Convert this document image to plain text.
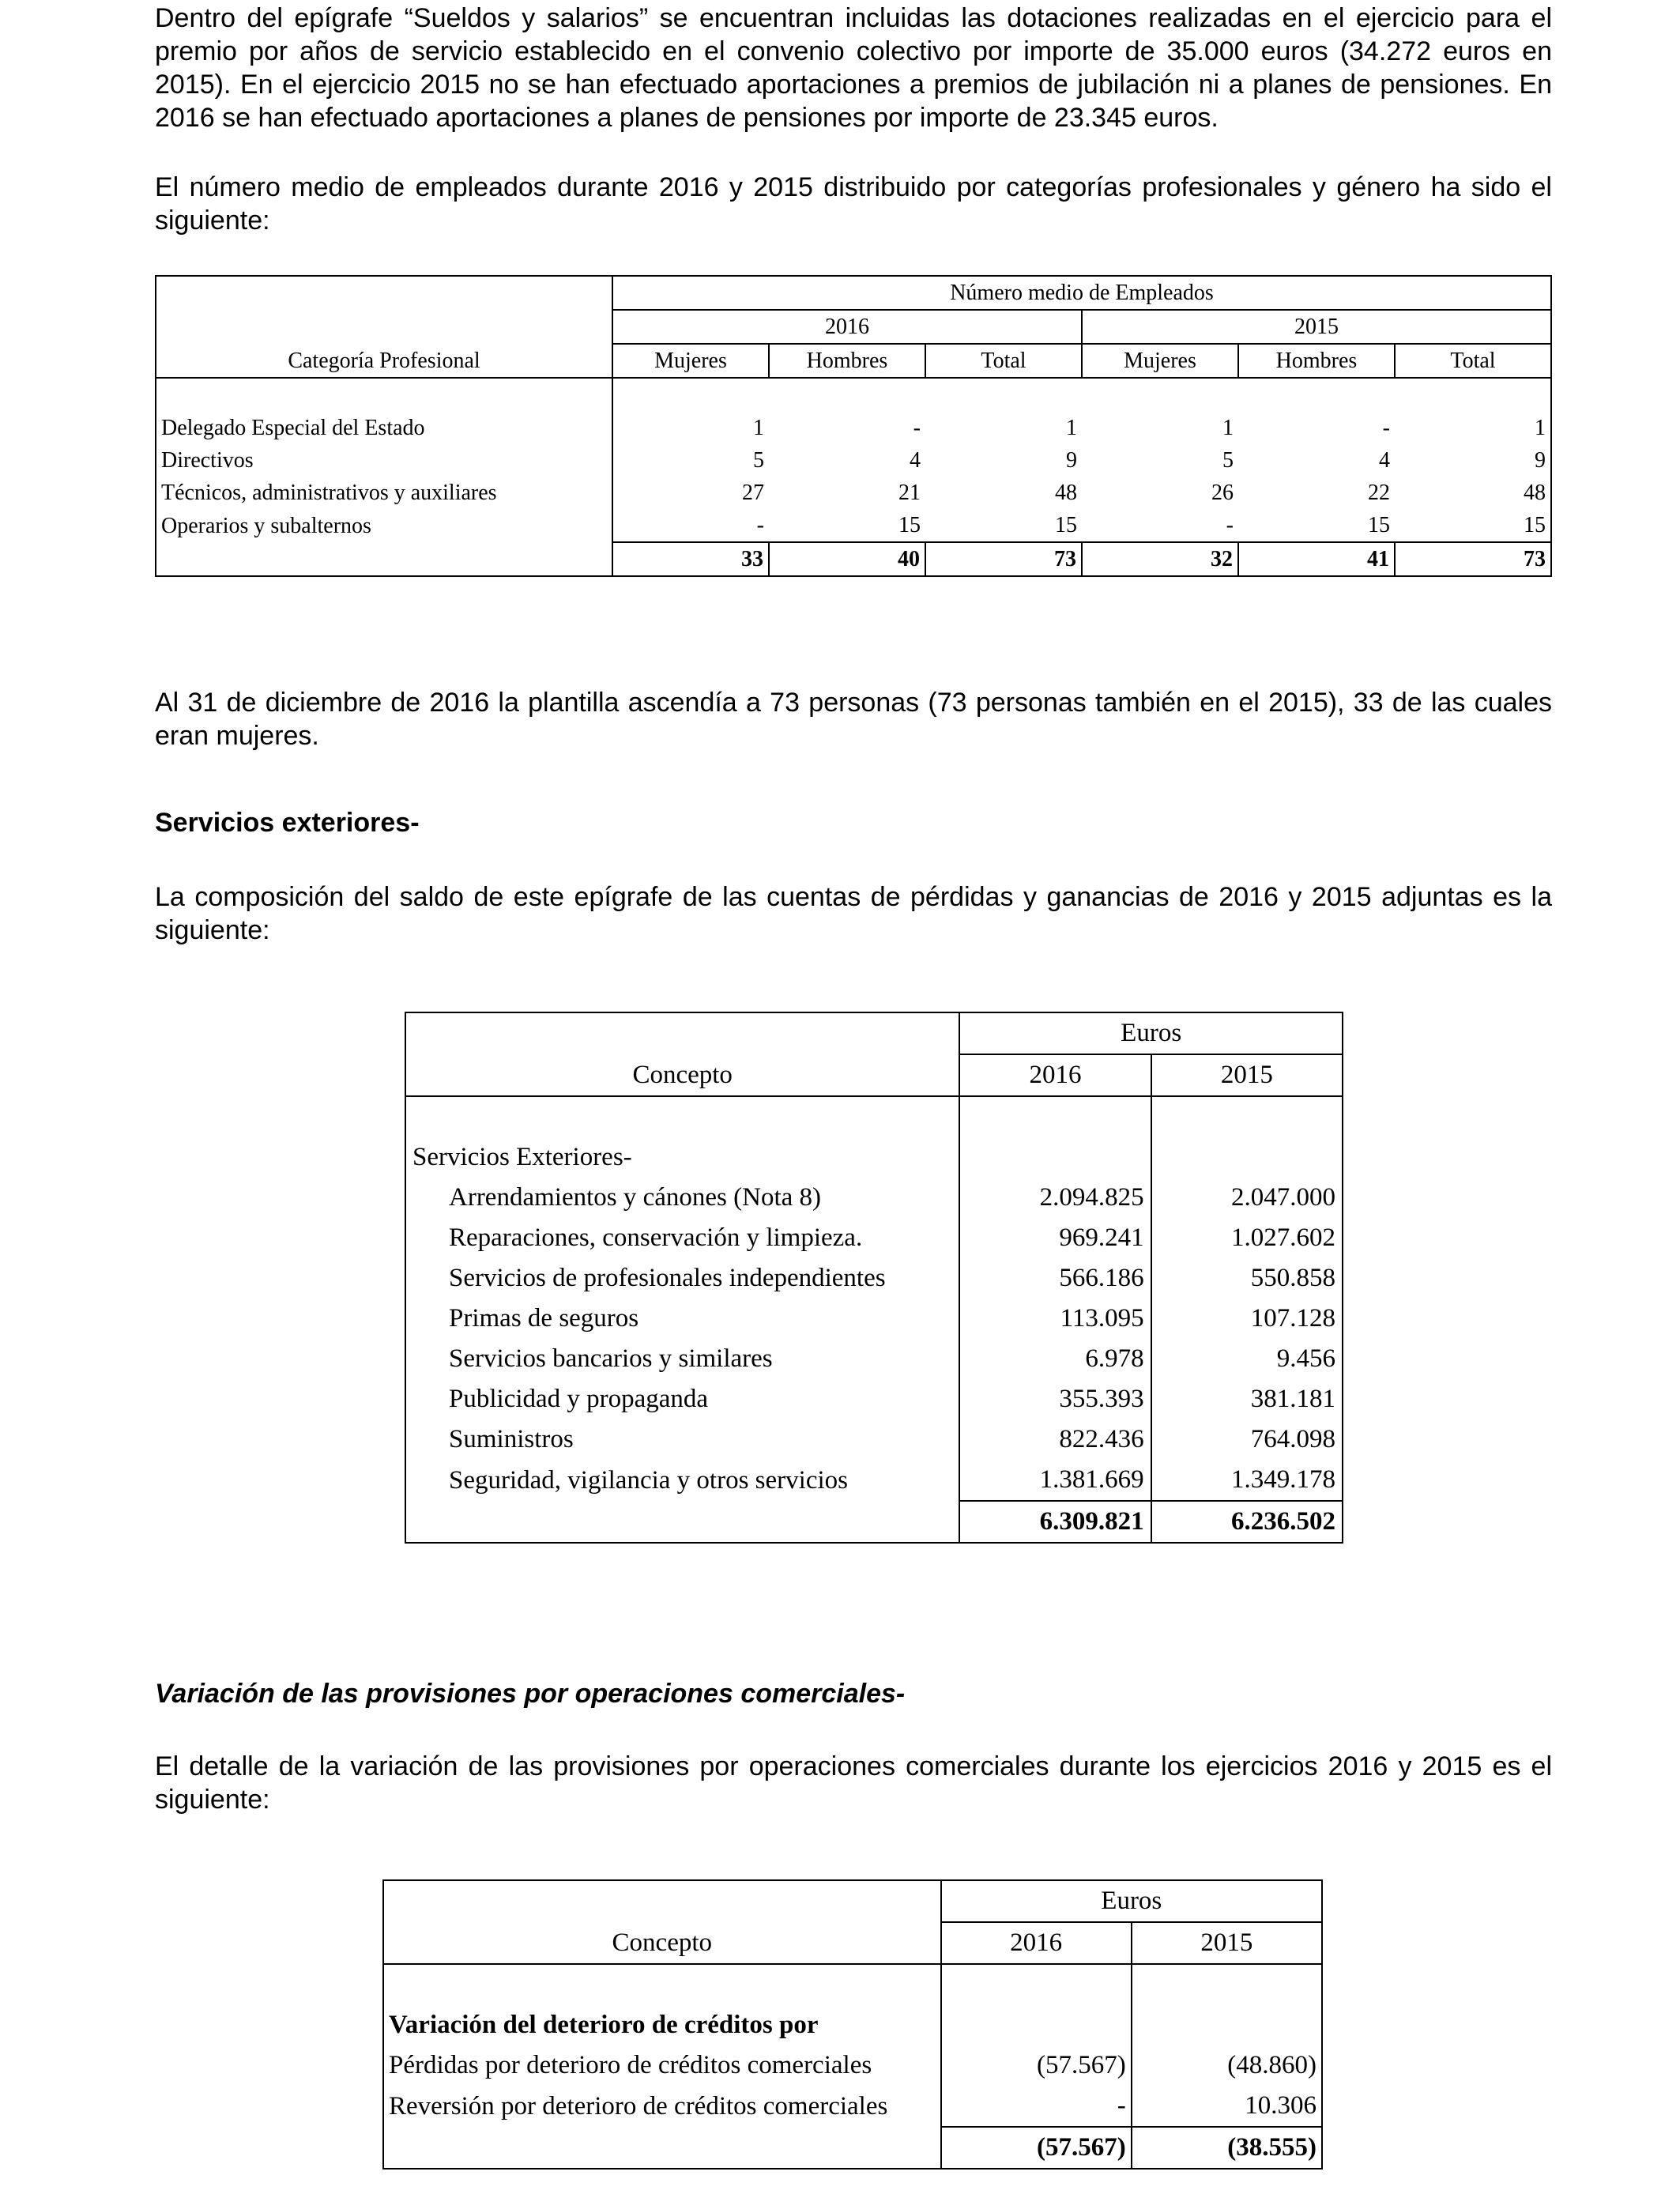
Dentro del epígrafe “Sueldos y salarios” se encuentran incluidas las dotaciones realizadas en el ejercicio para el premio por años de servicio establecido en el convenio colectivo por importe de 35.000 euros (34.272 euros en 2015). En el ejercicio 2015 no se han efectuado aportaciones a premios de jubilación ni a planes de pensiones. En 2016 se han efectuado aportaciones a planes de pensiones por importe de 23.345 euros.

El número medio de empleados durante 2016 y 2015 distribuido por categorías profesionales y género ha sido el siguiente:

	Número medio de Empleados					
	2016			2015		
Categoría Profesional	Mujeres	Hombres	Total	Mujeres	Hombres	Total

Delegado Especial del Estado	1	-	1	1	-	1
Directivos	5	4	9	5	4	9
Técnicos, administrativos y auxiliares	27	21	48	26	22	48
Operarios y subalternos	-	15	15	-	15	15
	33	40	73	32	41	73

Al 31 de diciembre de 2016 la plantilla ascendía a 73 personas (73 personas también en el 2015), 33 de las cuales eran mujeres.

Servicios exteriores-

La composición del saldo de este epígrafe de las cuentas de pérdidas y ganancias de 2016 y 2015 adjuntas es la siguiente:

	Euros	
Concepto	2016	2015

Servicios Exteriores-		
Arrendamientos y cánones (Nota 8)	2.094.825	2.047.000
Reparaciones, conservación y limpieza.	969.241	1.027.602
Servicios de profesionales independientes	566.186	550.858
Primas de seguros	113.095	107.128
Servicios bancarios y similares	6.978	9.456
Publicidad y propaganda	355.393	381.181
Suministros	822.436	764.098
Seguridad, vigilancia y otros servicios	1.381.669	1.349.178
	6.309.821	6.236.502

Variación de las provisiones por operaciones comerciales-

El detalle de la variación de las provisiones por operaciones comerciales durante los ejercicios 2016 y 2015 es el siguiente:

	Euros	
Concepto	2016	2015

Variación del deterioro de créditos por		
Pérdidas por deterioro de créditos comerciales	(57.567)	(48.860)
Reversión por deterioro de créditos comerciales	-	10.306
	(57.567)	(38.555)
